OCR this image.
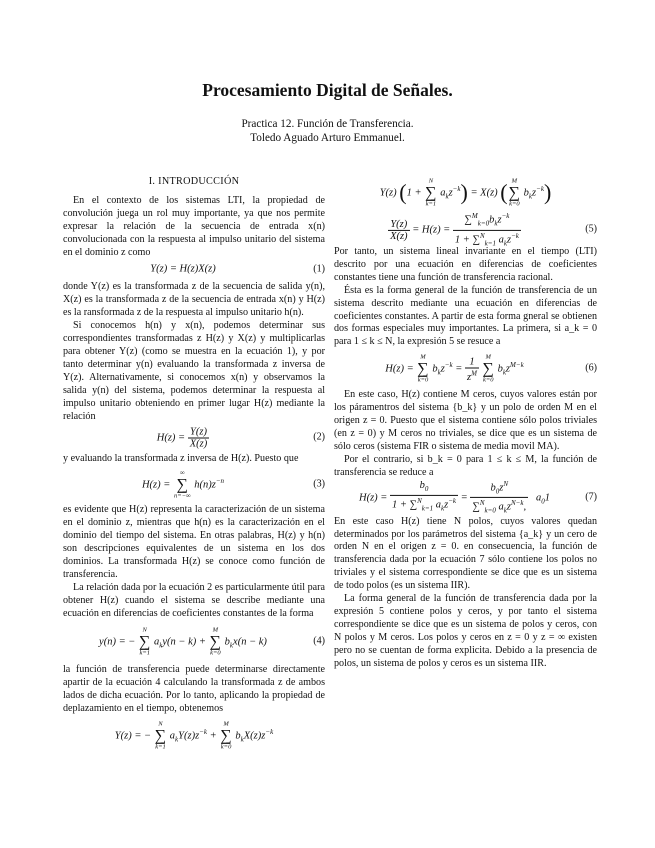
Procesamiento Digital de Señales.
Practica 12. Función de Transferencia.
Toledo Aguado Arturo Emmanuel.
I. INTRODUCCIÓN

En el contexto de los sistemas LTI, la propiedad de convolución juega un rol muy importante, ya que nos permite expresar la relación de la secuencia de entrada x(n) convolucionada con la respuesta al impulso unitario del sistema en el dominio z como

Y(z) = H(z)X(z)	(1)

donde Y(z) es la transformada z de la secuencia de salida y(n), X(z) es la transformada z de la secuencia de entrada x(n) y H(z) es la ransformada z de la respuesta al impulso unitario h(n).

Si conocemos h(n) y x(n), podemos determinar sus correspondientes transformadas z H(z) y X(z) y multiplicarlas para obtener Y(z) (como se muestra en la ecuación 1), y por tanto determinar y(n) evaluando la transformada z inversa de Y(z). Alternativamente, si conocemos x(n) y observamos la salida y(n) del sistema, podemos determinar la respuesta al impulso unitario obteniendo en primer lugar H(z) mediante la relación

$H(z) = \frac{Y(z)}{X(z)}$	(2)

y evaluando la transformada z inversa de H(z). Puesto que

H(z) =
∞
∑
n=−∞
$h(n)z^{-n}$	(3)

es evidente que H(z) representa la caracterización de un sistema en el dominio z, mientras que h(n) es la caracterización en el dominio del tiempo del sistema. En otras palabras, H(z) y h(n) son descripciones equivalentes de un sistema en los dos dominios. La transformada H(z) se conoce como función de transferencia.

La relación dada por la ecuación 2 es particularmente útil para obtener H(z) cuando el sistema se describe mediante una ecuación en diferencias de coeficientes constantes de la forma

y(n) = −
N
∑
k=1
$a_ky(n - k)$ +
M
∑
k=0
$b_kx(n - k)$	(4)

la función de transferencia puede determinarse directamente apartir de la ecuación 4 calculando la transformada z de ambos lados de dicha ecuación. Por lo tanto, aplicando la propiedad de deplazamiento en el tiempo, obtenemos

Y(z) = −
N
∑
k=1
$a_kY(z)z^{-k}$ +
M
∑
k=0
$b_kX(z)z^{-k}$
Y(z) (1 +
N
∑
k=1
$a_kz^{-k}) = X(z)$ ( M
∑
k=0
$b_kz^{-k}$)
$\frac{Y(z)}{X(z)} = H(z) = \frac{\sum^M_{k=0}b_kz^{-k}}{1 + \sum^N_{k=1} a_kz^{-k}}$	(5)

Por tanto, un sistema lineal invariante en el tiempo (LTI) descrito por una ecuación en diferencias de coeficientes constantes tiene una función de transferencia racional.

Ésta es la forma general de la función de transferencia de un sistema descrito mediante una ecuación en diferencias de coeficientes constantes. A partir de esta forma gneral se obtienen dos formas especiales muy importantes. La primera, si a_k = 0 para 1 ≤ k ≤ N, la expresión 5 se resuce a

H(z) =
M
∑
k=0
$b_kz^{-k} = \frac{1}{z^M}$
	M
∑
k=0
$b_kz^{M-k}$	(6)

En este caso, H(z) contiene M ceros, cuyos valores están por los páramentros del sistema {b_k} y un polo de orden M en el origen z = 0. Puesto que el sistema contiene sólo polos triviales (en z = 0) y M ceros no triviales, se dice que es un sistema de sólo ceros (sistema FIR o sistema de media movil MA).

Por el contrario, si b_k = 0 para 1 ≤ k ≤ M, la función de transferencia se reduce a

$H(z) = \frac{b_0}{1 + \sum^N_{k=1} a_kz^{-k}} = \frac{b_0z^N}{\sum^N_{k=0} a_kz^{N-k},} a_01$	(7)

En este caso H(z) tiene N polos, cuyos valores quedan determinados por los parámetros del sistema {a_k} y un cero de orden N en el origen z = 0. en consecuencia, la función de transferencia dada por la ecuación 7 sólo contiene los polos no triviales y el sistema correspondiente se dice que es un sistema de todo polos (es un sistema IIR).

La forma general de la función de transferencia dada por la expresión 5 contiene polos y ceros, y por tanto el sistema correspondiente se dice que es un sistema de polos y ceros, con N polos y M ceros. Los polos y ceros en z = 0 y z = ∞ existen pero no se cuentan de forma explicita. Debido a la presencia de polos, un sistema de polos y ceros es un sistema IIR.
